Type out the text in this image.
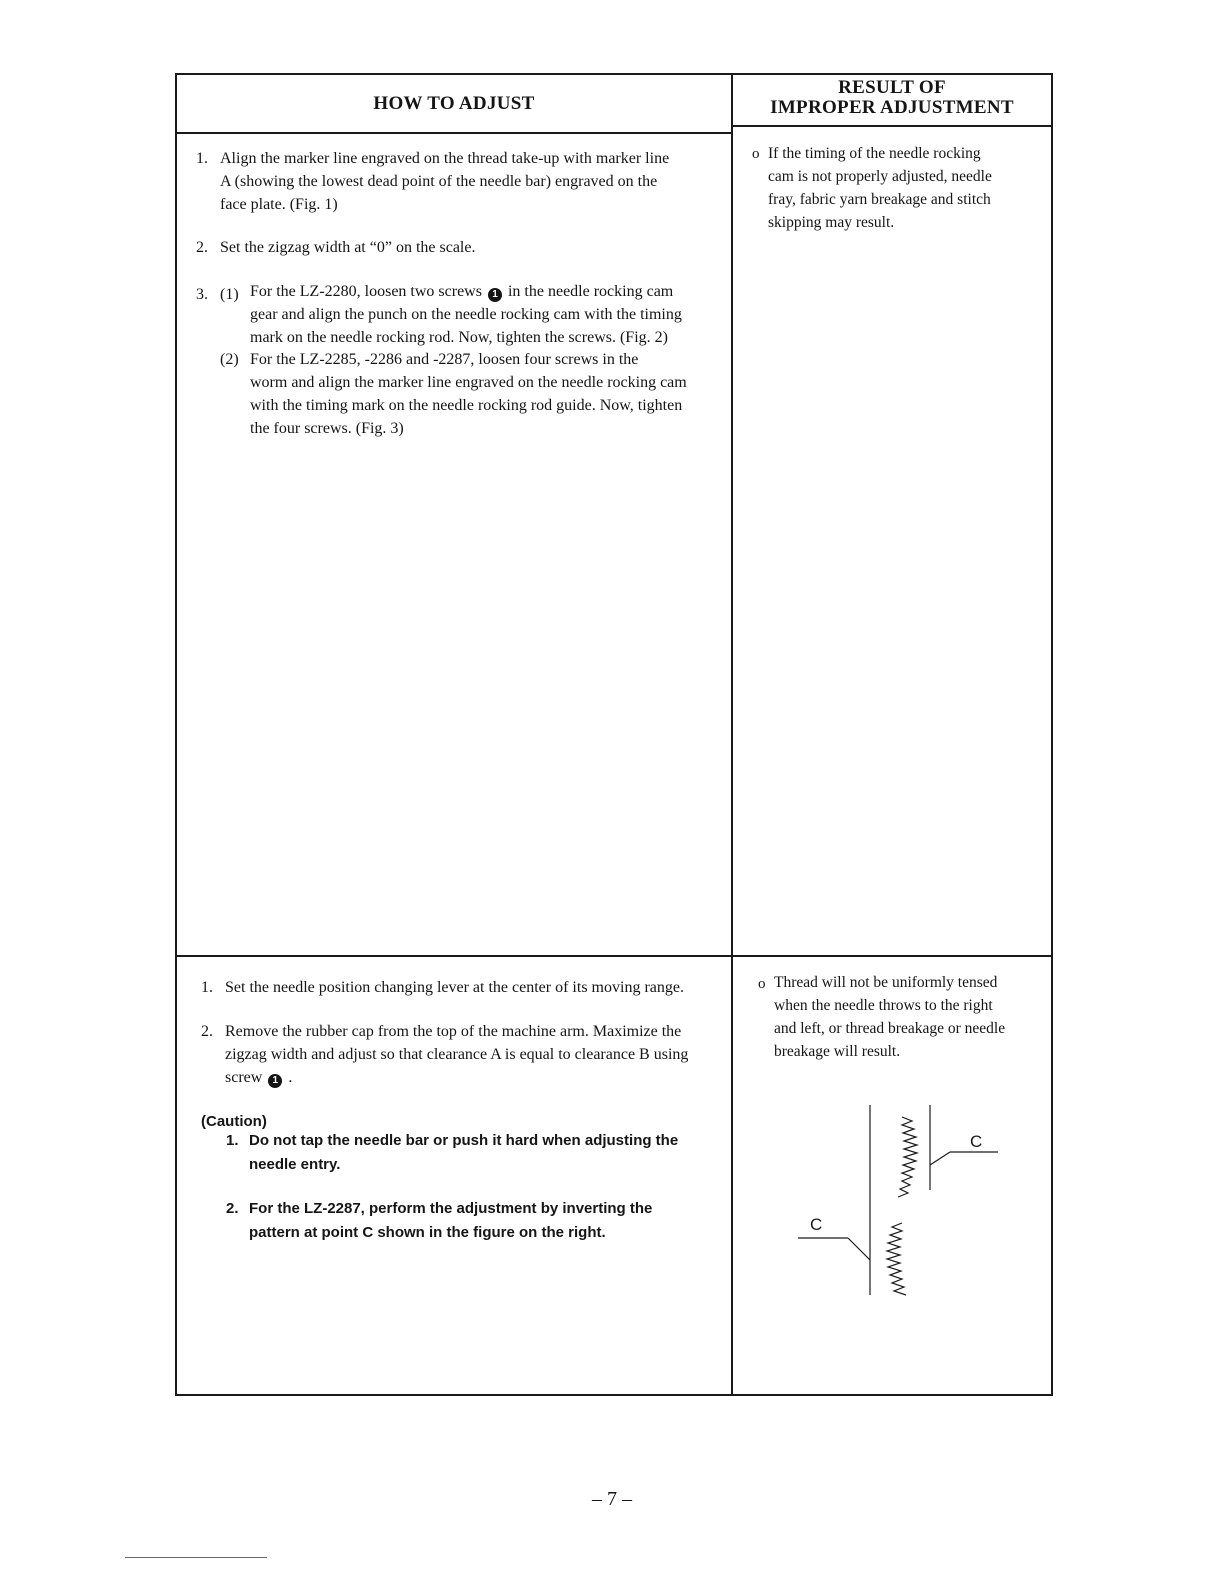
HOW TO ADJUST
RESULT OF
IMPROPER ADJUSTMENT
1. Align the marker line engraved on the thread take-up with marker line
A (showing the lowest dead point of the needle bar) engraved on the
face plate. (Fig. 1)
2. Set the zigzag width at “0” on the scale.
3. (1) For the LZ-2280, loosen two screws 1 in the needle rocking cam
gear and align the punch on the needle rocking cam with the timing
mark on the needle rocking rod. Now, tighten the screws. (Fig. 2)
(2) For the LZ-2285, -2286 and -2287, loosen four screws in the
worm and align the marker line engraved on the needle rocking cam
with the timing mark on the needle rocking rod guide. Now, tighten
the four screws. (Fig. 3)
o If the timing of the needle rocking
cam is not properly adjusted, needle
fray, fabric yarn breakage and stitch
skipping may result.
1. Set the needle position changing lever at the center of its moving range.
2. Remove the rubber cap from the top of the machine arm. Maximize the
zigzag width and adjust so that clearance A is equal to clearance B using
screw 1 .
(Caution)
1. Do not tap the needle bar or push it hard when adjusting the
needle entry.
2. For the LZ-2287, perform the adjustment by inverting the
pattern at point C shown in the figure on the right.
o Thread will not be uniformly tensed
when the needle throws to the right
and left, or thread breakage or needle
breakage will result.
C
C
– 7 –
